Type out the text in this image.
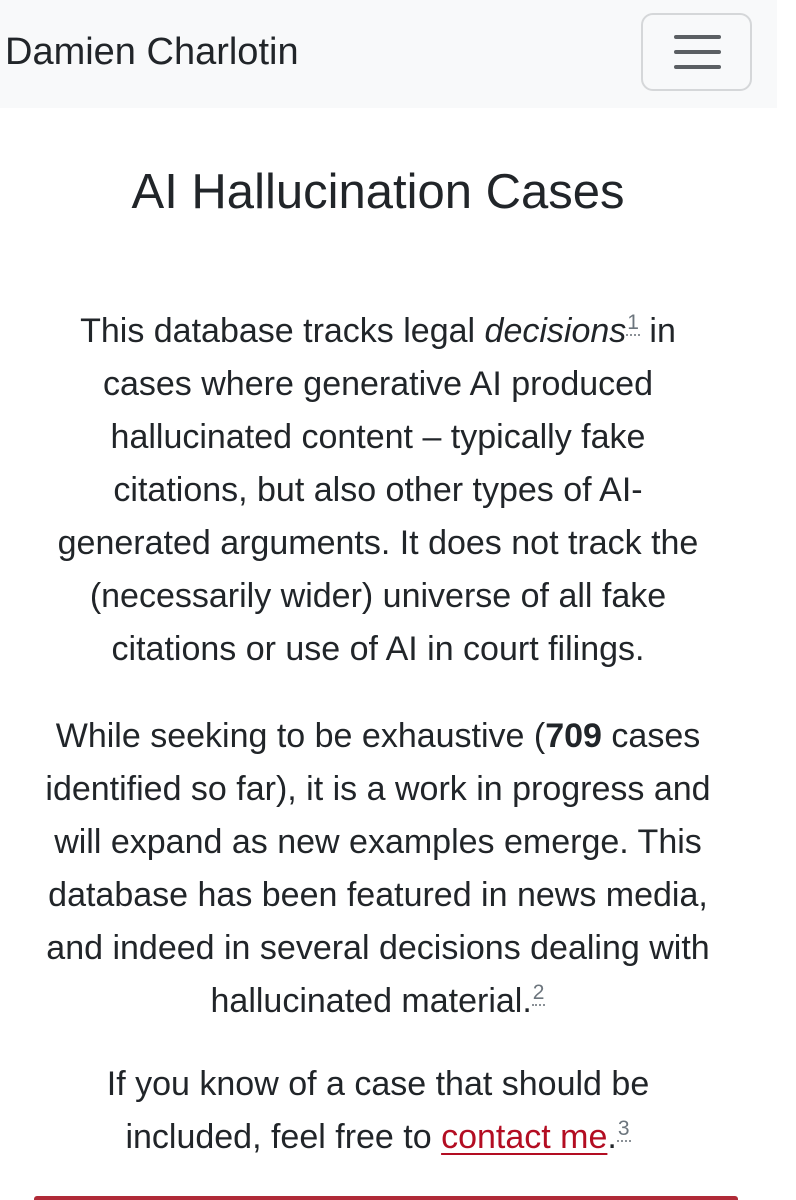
Damien Charlotin
AI Hallucination Cases

This database tracks legal decisions$^1$ in
cases where generative AI produced
hallucinated content – typically fake
citations, but also other types of AI-
generated arguments. It does not track the
(necessarily wider) universe of all fake
citations or use of AI in court filings.

While seeking to be exhaustive (709 cases
identified so far), it is a work in progress and
will expand as new examples emerge. This
database has been featured in news media,
and indeed in several decisions dealing with
hallucinated material.$^2$

If you know of a case that should be
included, feel free to contact me.$^3$
